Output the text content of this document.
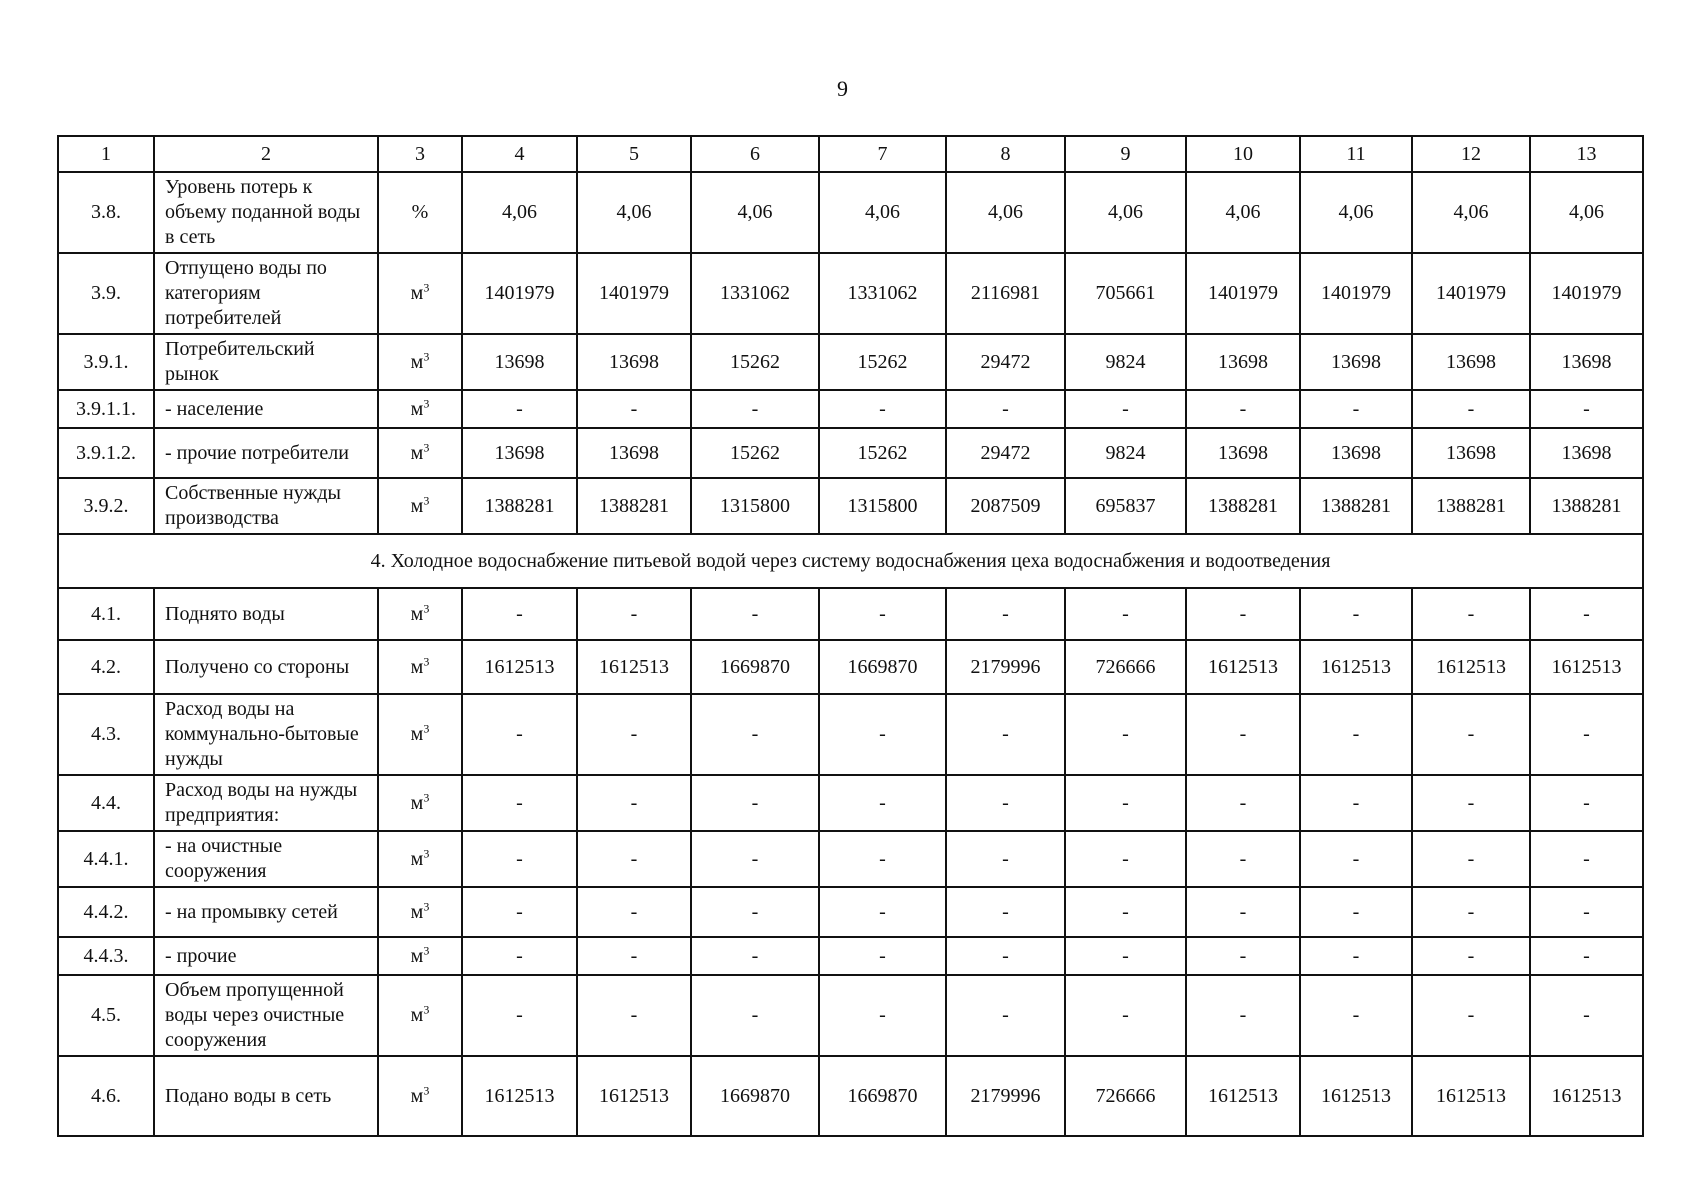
9
1	2	3	4	5	6	7	8	9	10	11	12	13
3.8.	Уровень потерь к объему поданной воды в сеть	%	4,06	4,06	4,06	4,06	4,06	4,06	4,06	4,06	4,06	4,06
3.9.	Отпущено воды по категориям потребителей	$м^3$	1401979	1401979	1331062	1331062	2116981	705661	1401979	1401979	1401979	1401979
3.9.1.	Потребительский рынок	$м^3$	13698	13698	15262	15262	29472	9824	13698	13698	13698	13698
3.9.1.1.	- население	$м^3$	-	-	-	-	-	-	-	-	-	-
3.9.1.2.	- прочие потребители	$м^3$	13698	13698	15262	15262	29472	9824	13698	13698	13698	13698
3.9.2.	Собственные нужды производства	$м^3$	1388281	1388281	1315800	1315800	2087509	695837	1388281	1388281	1388281	1388281
4. Холодное водоснабжение питьевой водой через систему водоснабжения цеха водоснабжения и водоотведения												
4.1.	Поднято воды	$м^3$	-	-	-	-	-	-	-	-	-	-
4.2.	Получено со стороны	$м^3$	1612513	1612513	1669870	1669870	2179996	726666	1612513	1612513	1612513	1612513
4.3.	Расход воды на коммунально-бытовые нужды	$м^3$	-	-	-	-	-	-	-	-	-	-
4.4.	Расход воды на нужды предприятия:	$м^3$	-	-	-	-	-	-	-	-	-	-
4.4.1.	- на очистные сооружения	$м^3$	-	-	-	-	-	-	-	-	-	-
4.4.2.	- на промывку сетей	$м^3$	-	-	-	-	-	-	-	-	-	-
4.4.3.	- прочие	$м^3$	-	-	-	-	-	-	-	-	-	-
4.5.	Объем пропущенной воды через очистные сооружения	$м^3$	-	-	-	-	-	-	-	-	-	-
4.6.	Подано воды в сеть	$м^3$	1612513	1612513	1669870	1669870	2179996	726666	1612513	1612513	1612513	1612513
